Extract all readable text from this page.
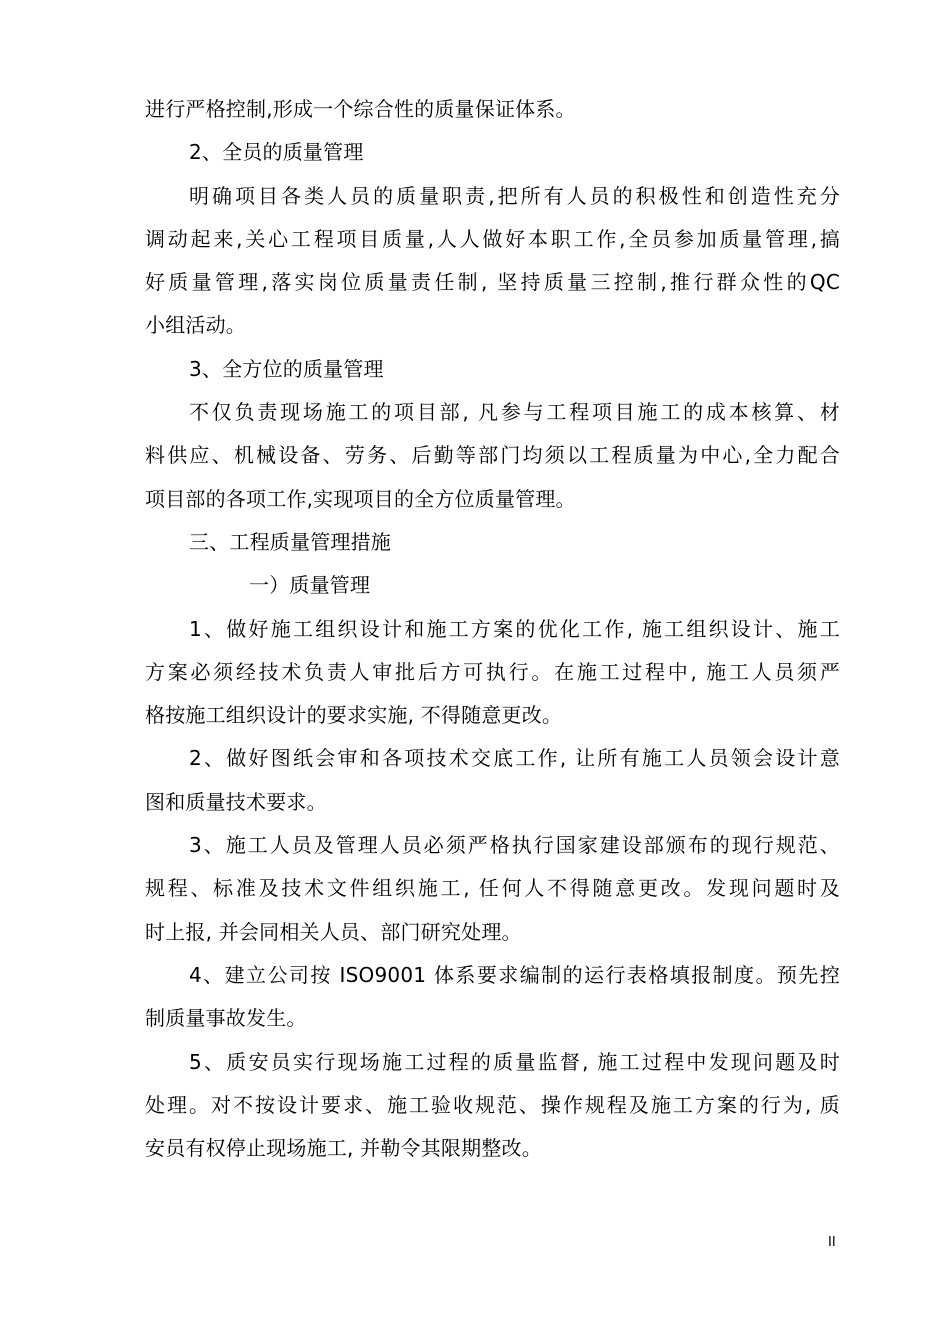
进行严格控制,形成一个综合性的质量保证体系。
2、全员的质量管理
明确项目各类人员的质量职责,把所有人员的积极性和创造性充分
调动起来,关心工程项目质量,人人做好本职工作,全员参加质量管理,搞
好质量管理,落实岗位质量责任制, 坚持质量三控制,推行群众性的QC
小组活动。
3、全方位的质量管理
不仅负责现场施工的项目部, 凡参与工程项目施工的成本核算、材
料供应、机械设备、劳务、后勤等部门均须以工程质量为中心,全力配合
项目部的各项工作,实现项目的全方位质量管理。
三、工程质量管理措施
一）质量管理
1、做好施工组织设计和施工方案的优化工作, 施工组织设计、施工
方案必须经技术负责人审批后方可执行。在施工过程中, 施工人员须严
格按施工组织设计的要求实施, 不得随意更改。
2、做好图纸会审和各项技术交底工作, 让所有施工人员领会设计意
图和质量技术要求。
3、施工人员及管理人员必须严格执行国家建设部颁布的现行规范、
规程、标准及技术文件组织施工, 任何人不得随意更改。发现问题时及
时上报, 并会同相关人员、部门研究处理。
4、建立公司按 ISO9001 体系要求编制的运行表格填报制度。预先控
制质量事故发生。
5、质安员实行现场施工过程的质量监督, 施工过程中发现问题及时
处理。对不按设计要求、施工验收规范、操作规程及施工方案的行为, 质
安员有权停止现场施工, 并勒令其限期整改。
II
